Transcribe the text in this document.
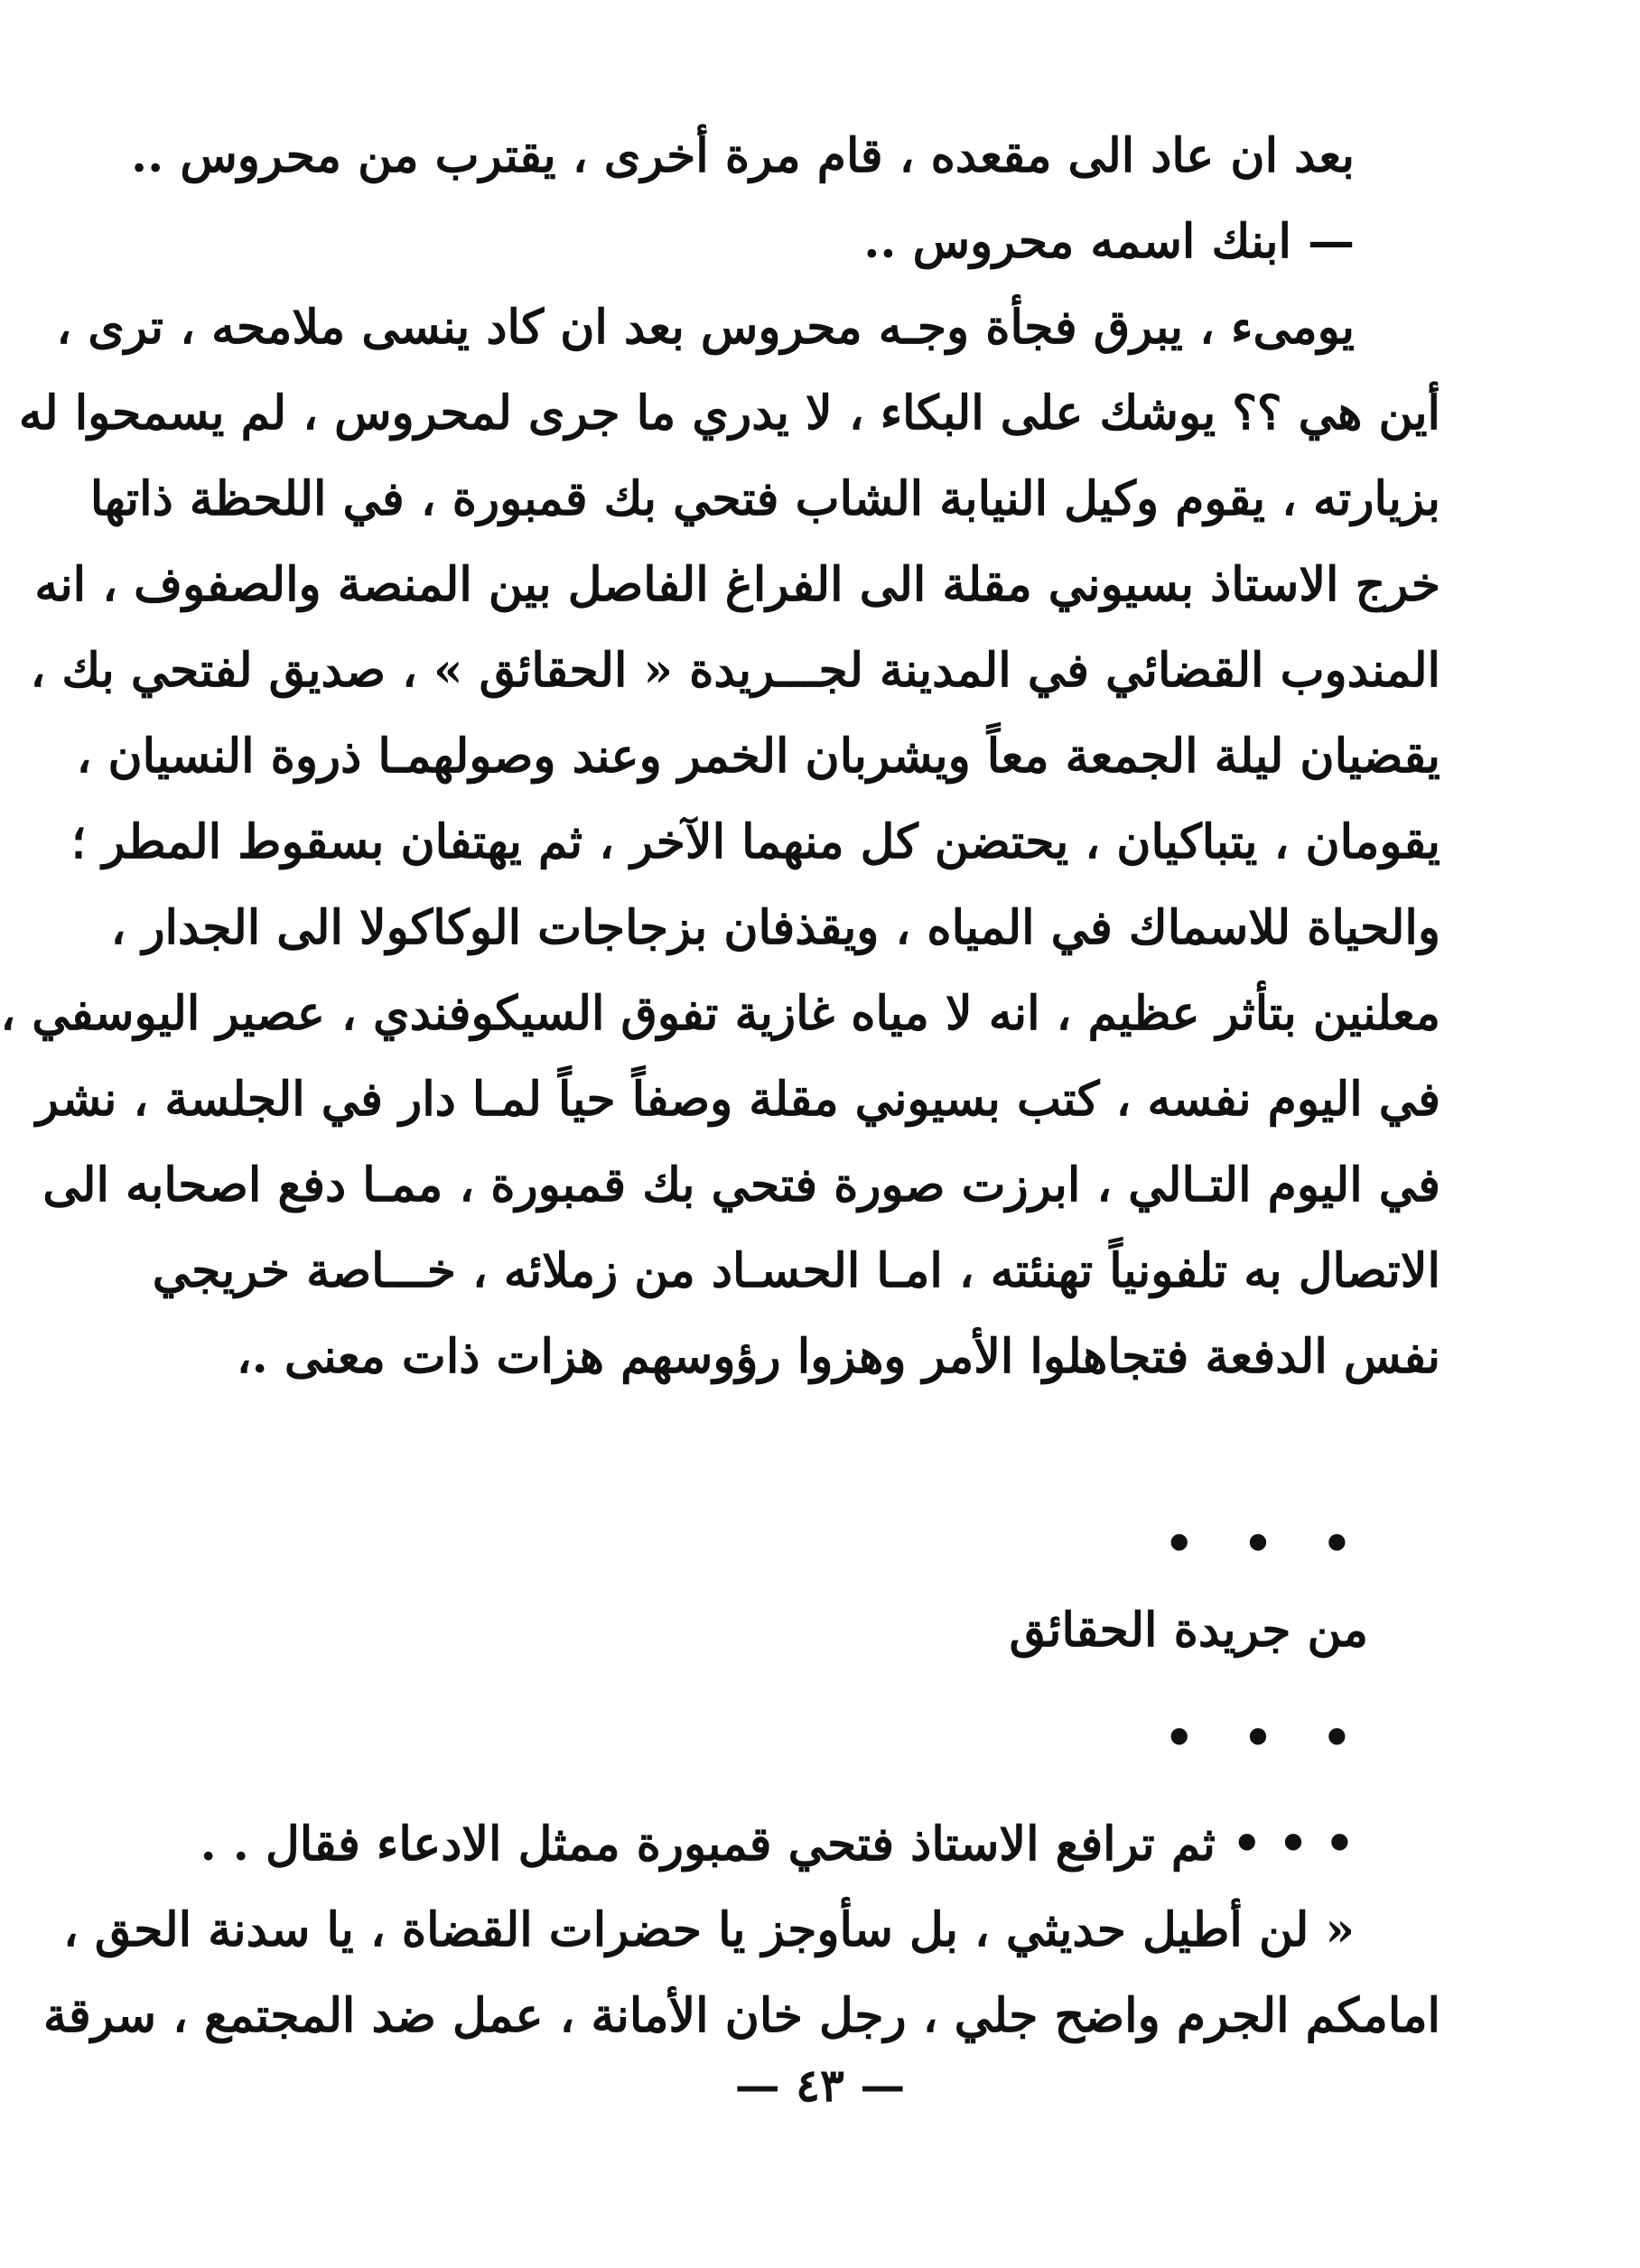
بعد ان عاد الى مقعده ، قام مرة أخرى ، يقترب من محروس ..
— ابنك اسمه محروس ..
يومىء ، يبرق فجأة وجـه محروس بعد ان كاد ينسى ملامحه ، ترى ،
أين هي ؟؟ يوشك على البكاء ، لا يدري ما جرى لمحروس ، لم يسمحوا له
بزيارته ، يقوم وكيل النيابة الشاب فتحي بك قمبورة ، في اللحظة ذاتها
خرج الاستاذ بسيوني مقلة الى الفراغ الفاصل بين المنصة والصفوف ، انه
المندوب القضائي في المدينة لجـــريدة « الحقائق » ، صديق لفتحي بك ،
يقضيان ليلة الجمعة معاً ويشربان الخمر وعند وصولهمـا ذروة النسيان ،
يقومان ، يتباكيان ، يحتضن كل منهما الآخر ، ثم يهتفان بسقوط المطر ؛
والحياة للاسماك في المياه ، ويقذفان بزجاجات الوكاكولا الى الجدار ،
معلنين بتأثر عظيم ، انه لا مياه غازية تفوق السيكوفندي ، عصير اليوسفي ،
في اليوم نفسه ، كتب بسيوني مقلة وصفاً حياً لمـا دار في الجلسة ، نشر
في اليوم التـالي ، ابرزت صورة فتحي بك قمبورة ، ممـا دفع اصحابه الى
الاتصال به تلفونياً تهنئته ، امـا الحسـاد من زملائه ، خـــاصة خريجي
نفس الدفعة فتجاهلوا الأمر وهزوا رؤوسهم هزات ذات معنى .،
• • •
من جريدة الحقائق
• • •
• • • ثم ترافع الاستاذ فتحي قمبورة ممثل الادعاء فقال . .
« لن أطيل حديثي ، بل سأوجز يا حضرات القضاة ، يا سدنة الحق ،
امامكم الجرم واضح جلي ، رجل خان الأمانة ، عمل ضد المجتمع ، سرقة
— ٤٣ —
